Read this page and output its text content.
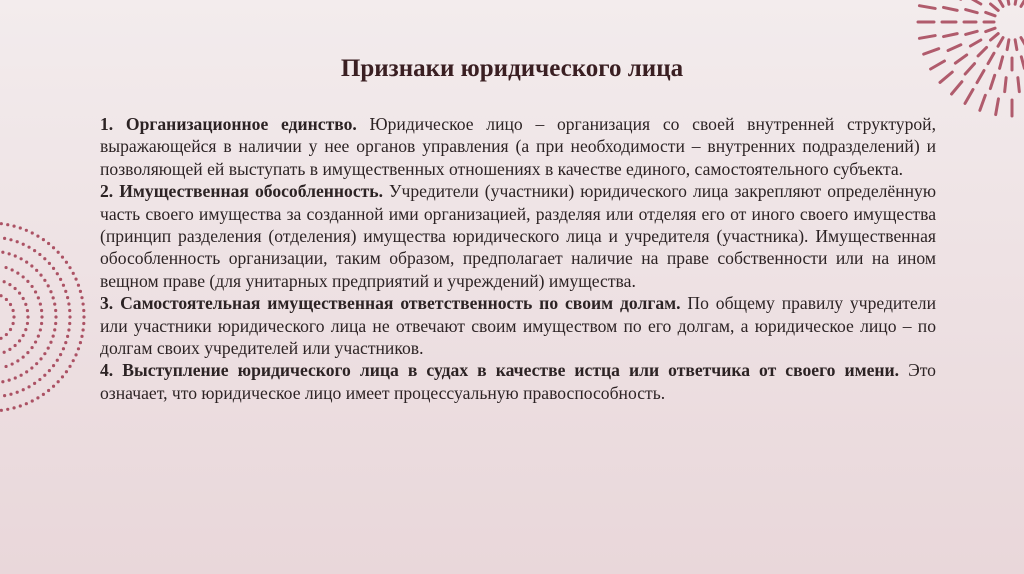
Признаки юридического лица

1. Организационное единство. Юридическое лицо – организация со своей внутренней структурой, выражающейся в наличии у нее органов управления (а при необходимости – внутренних подразделений) и позволяющей ей выступать в имущественных отношениях в качестве единого, самостоятельного субъекта.

2. Имущественная обособленность. Учредители (участники) юридического лица закрепляют определённую часть своего имущества за созданной ими организацией, разделяя или отделяя его от иного своего имущества (принцип разделения (отделения) имущества юридического лица и учредителя (участника). Имущественная обособленность организации, таким образом, предполагает наличие на праве собственности или на ином вещном праве (для унитарных предприятий и учреждений) имущества.

3. Самостоятельная имущественная ответственность по своим долгам. По общему правилу учредители или участники юридического лица не отвечают своим имуществом по его долгам, а юридическое лицо – по долгам своих учредителей или участников.

4. Выступление юридического лица в судах в качестве истца или ответчика от своего имени. Это означает, что юридическое лицо имеет процессуальную правоспособность.
